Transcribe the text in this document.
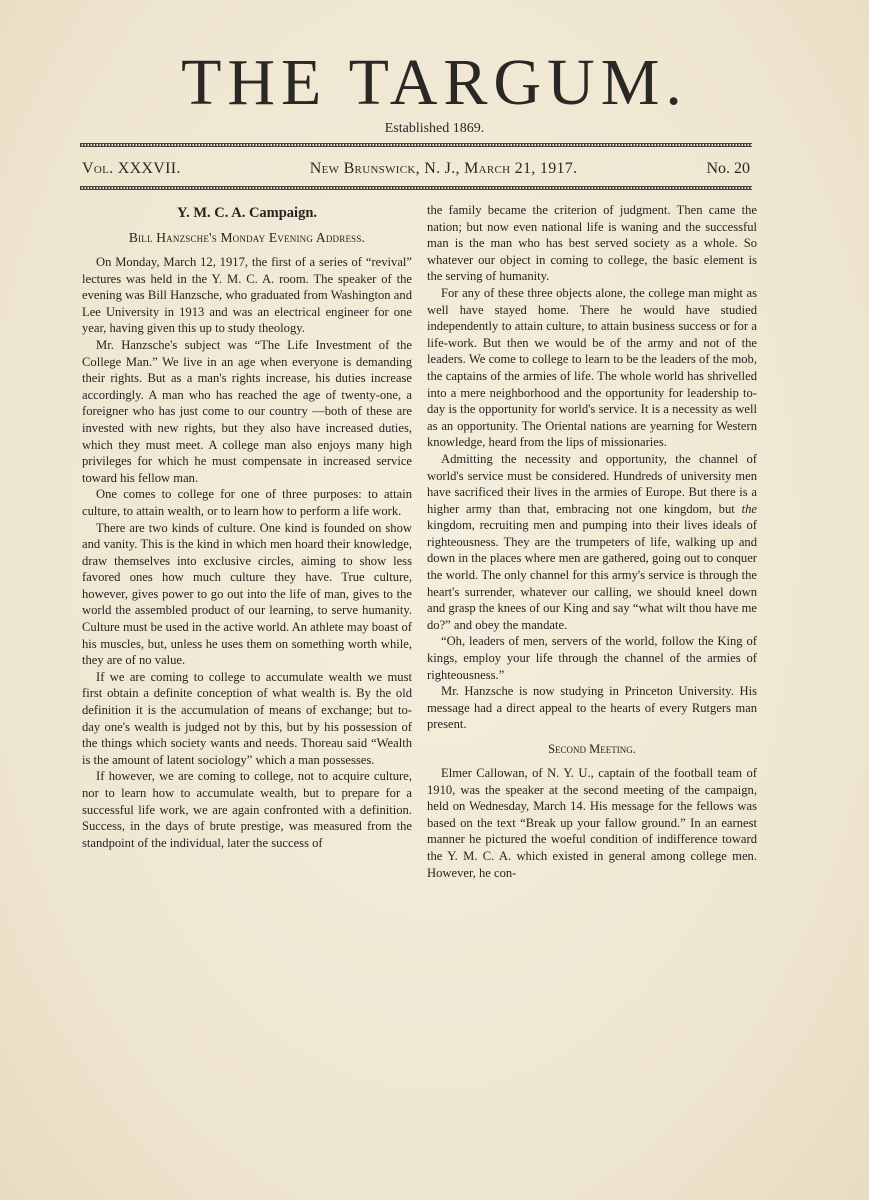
THE TARGUM.
Established 1869.
Vol. XXXVII.	New Brunswick, N. J., March 21, 1917.	No. 20
Y. M. C. A. Campaign.
Bill Hanzsche's Monday Evening Address.

On Monday, March 12, 1917, the first of a series of “revival” lectures was held in the Y. M. C. A. room. The speaker of the evening was Bill Hanzsche, who graduated from Washington and Lee University in 1913 and was an electrical engineer for one year, having given this up to study theology.

Mr. Hanzsche's subject was “The Life Investment of the College Man.” We live in an age when everyone is demanding their rights. But as a man's rights increase, his duties increase accordingly. A man who has reached the age of twenty-one, a foreigner who has just come to our country —both of these are invested with new rights, but they also have increased duties, which they must meet. A college man also enjoys many high privileges for which he must compensate in increased service toward his fellow man.

One comes to college for one of three purposes: to attain culture, to attain wealth, or to learn how to perform a life work.

There are two kinds of culture. One kind is founded on show and vanity. This is the kind in which men hoard their knowledge, draw themselves into exclusive circles, aiming to show less favored ones how much culture they have. True culture, however, gives power to go out into the life of man, gives to the world the assembled product of our learning, to serve humanity. Culture must be used in the active world. An athlete may boast of his muscles, but, unless he uses them on something worth while, they are of no value.

If we are coming to college to accumulate wealth we must first obtain a definite conception of what wealth is. By the old definition it is the accumulation of means of exchange; but to-day one's wealth is judged not by this, but by his possession of the things which society wants and needs. Thoreau said “Wealth is the amount of latent sociology” which a man possesses.

If however, we are coming to college, not to acquire culture, nor to learn how to accumulate wealth, but to prepare for a successful life work, we are again confronted with a definition. Success, in the days of brute prestige, was measured from the standpoint of the individual, later the success of

the family became the criterion of judgment. Then came the nation; but now even national life is waning and the successful man is the man who has best served society as a whole. So whatever our object in coming to college, the basic element is the serving of humanity.

For any of these three objects alone, the college man might as well have stayed home. There he would have studied independently to attain culture, to attain business success or for a life-work. But then we would be of the army and not of the leaders. We come to college to learn to be the leaders of the mob, the captains of the armies of life. The whole world has shrivelled into a mere neighborhood and the opportunity for leadership to-day is the opportunity for world's service. It is a necessity as well as an opportunity. The Oriental nations are yearning for Western knowledge, heard from the lips of missionaries.

Admitting the necessity and opportunity, the channel of world's service must be considered. Hundreds of university men have sacrificed their lives in the armies of Europe. But there is a higher army than that, embracing not one kingdom, but the kingdom, recruiting men and pumping into their lives ideals of righteousness. They are the trumpeters of life, walking up and down in the places where men are gathered, going out to conquer the world. The only channel for this army's service is through the heart's surrender, whatever our calling, we should kneel down and grasp the knees of our King and say “what wilt thou have me do?” and obey the mandate.

“Oh, leaders of men, servers of the world, follow the King of kings, employ your life through the channel of the armies of righteousness.”

Mr. Hanzsche is now studying in Princeton University. His message had a direct appeal to the hearts of every Rutgers man present.

Second Meeting.

Elmer Callowan, of N. Y. U., captain of the football team of 1910, was the speaker at the second meeting of the campaign, held on Wednesday, March 14. His message for the fellows was based on the text “Break up your fallow ground.” In an earnest manner he pictured the woeful condition of indifference toward the Y. M. C. A. which existed in general among college men. However, he con-
